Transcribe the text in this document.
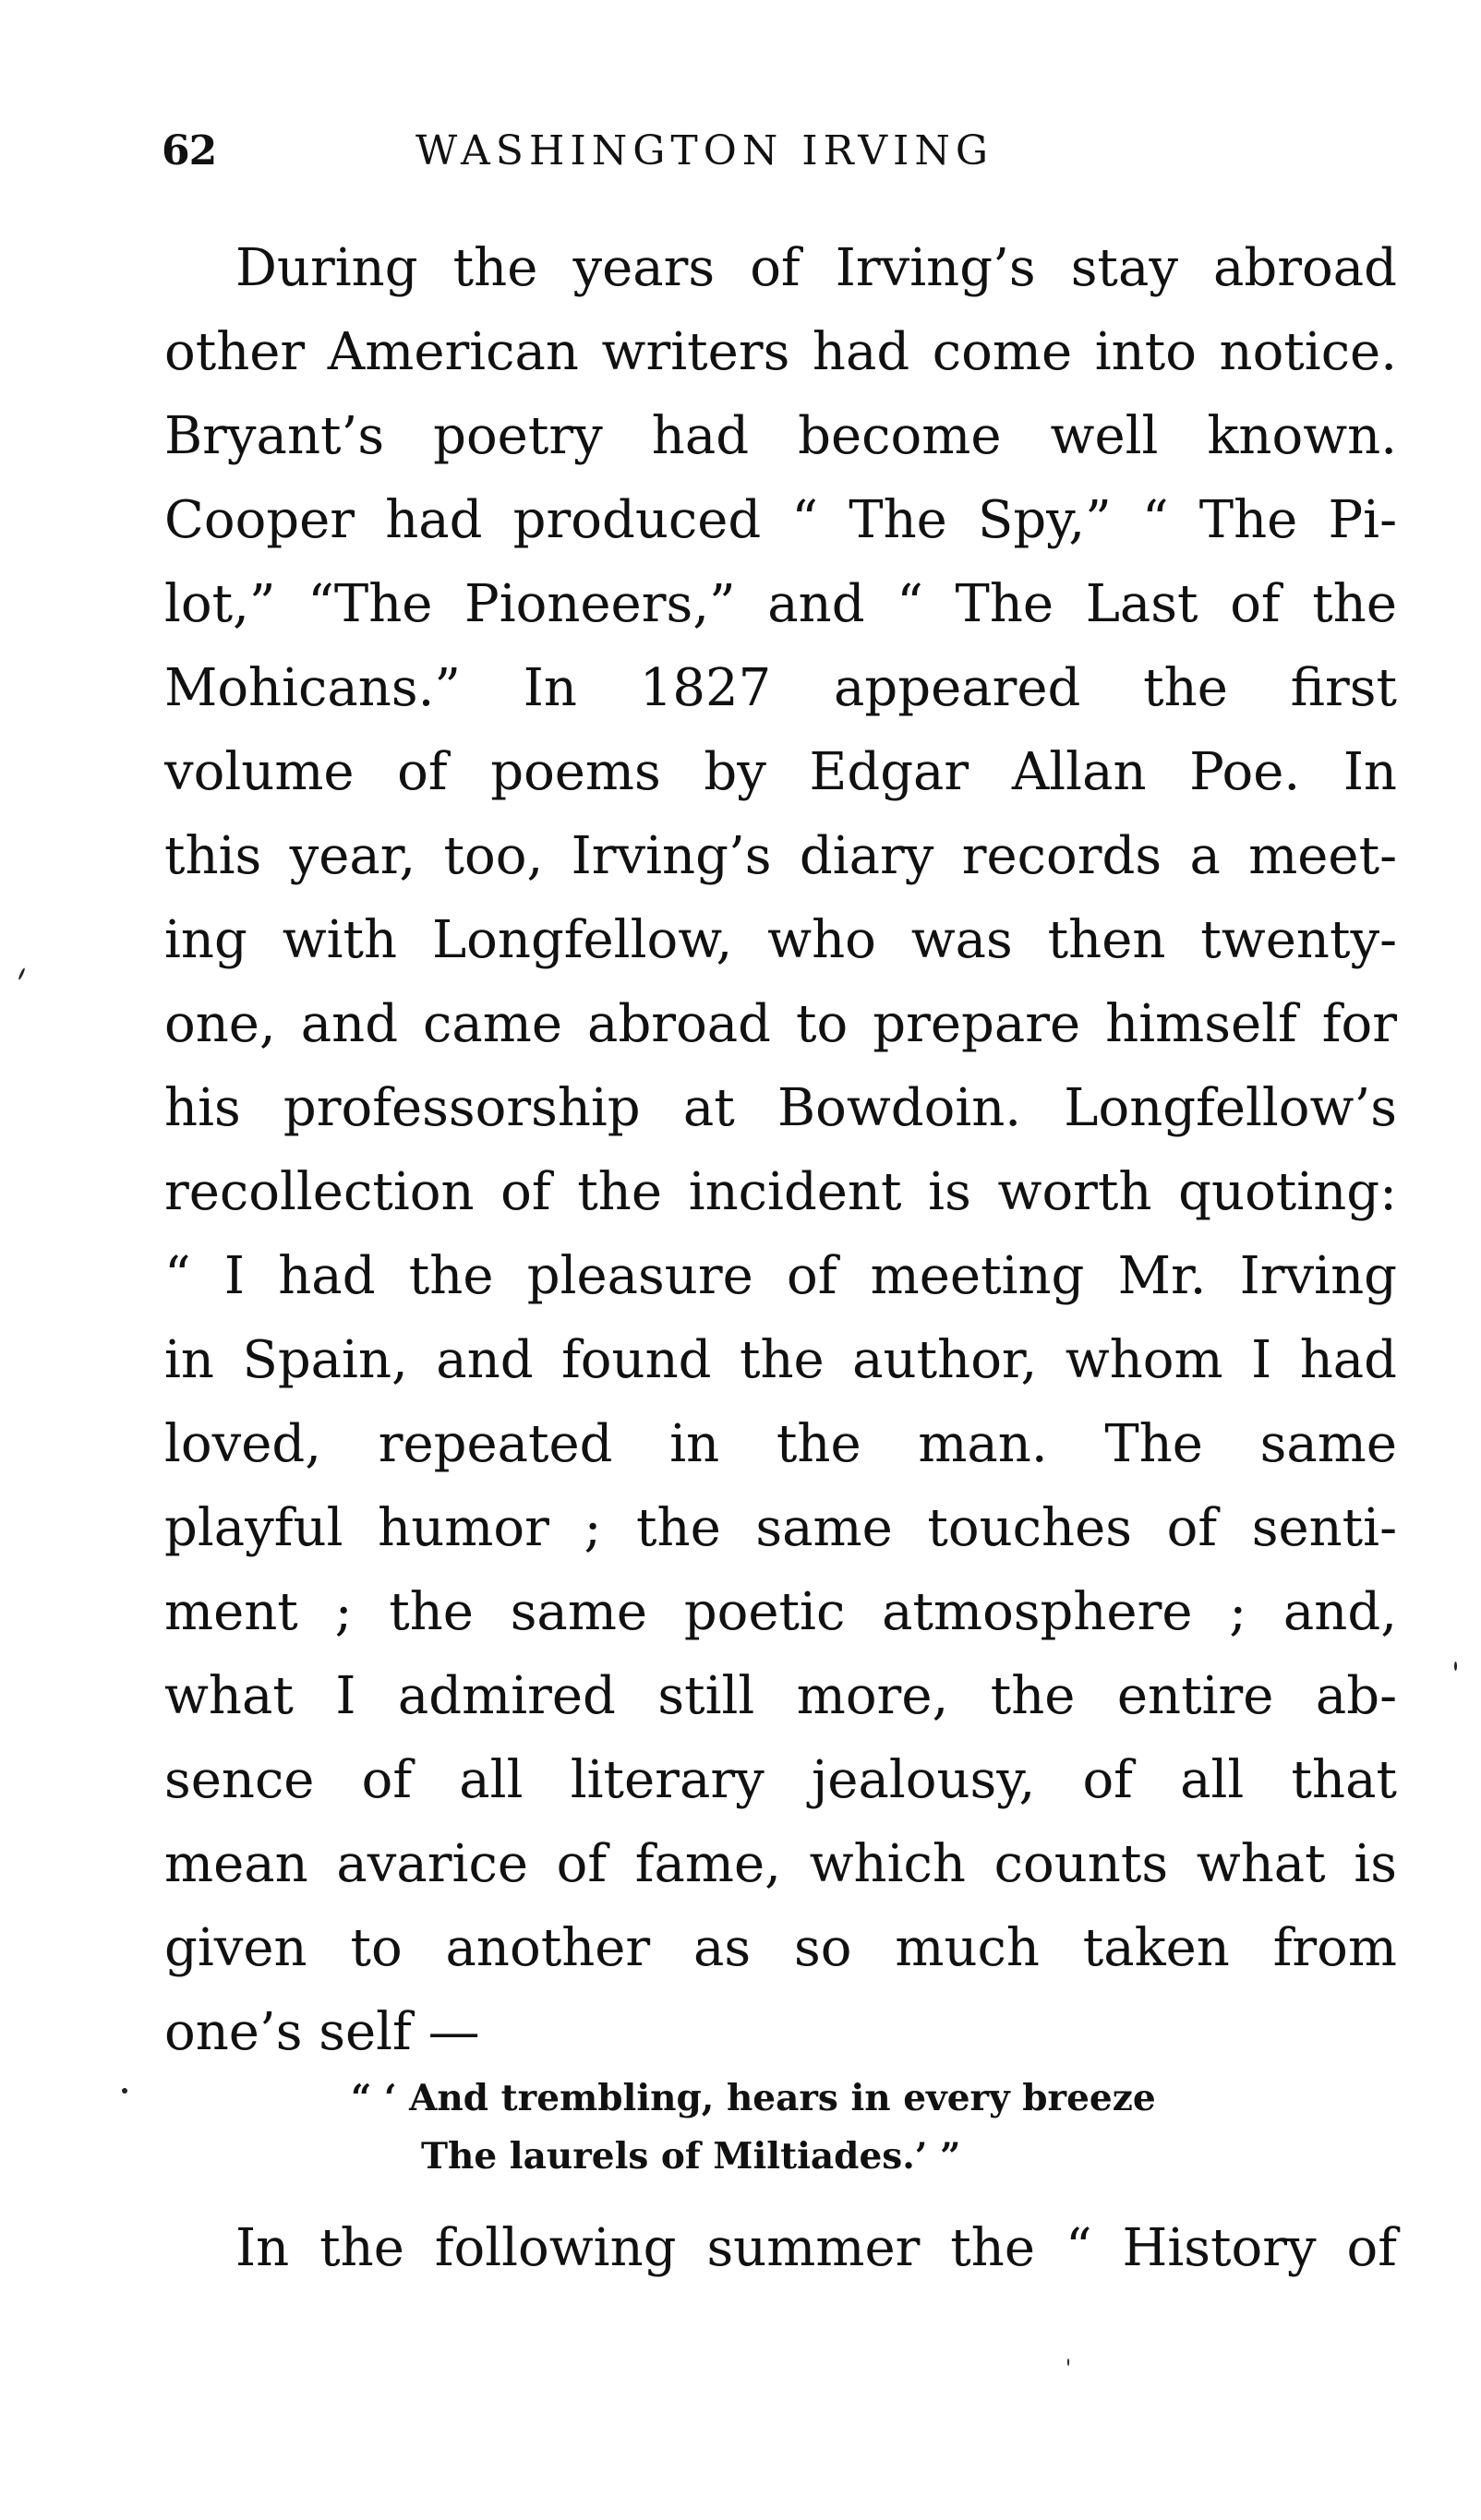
62	WASHINGTON IRVING
During the years of Irving’s stay abroad
other American writers had come into notice.
Bryant’s poetry had become well known.
Cooper had produced “ The Spy,” “ The Pi-
lot,” “The Pioneers,” and “ The Last of the
Mohicans.” In 1827 appeared the first
volume of poems by Edgar Allan Poe. In
this year, too, Irving’s diary records a meet-
ing with Longfellow, who was then twenty-
one, and came abroad to prepare himself for
his professorship at Bowdoin. Longfellow’s
recollection of the incident is worth quoting:
“ I had the pleasure of meeting Mr. Irving
in Spain, and found the author, whom I had
loved, repeated in the man. The same
playful humor ; the same touches of senti-
ment ; the same poetic atmosphere ; and,
what I admired still more, the entire ab-
sence of all literary jealousy, of all that
mean avarice of fame, which counts what is
given to another as so much taken from
one’s self —
“ ‘ And trembling, hears in every breeze
The laurels of Miltiades.’ ”
In the following summer the “ History of
